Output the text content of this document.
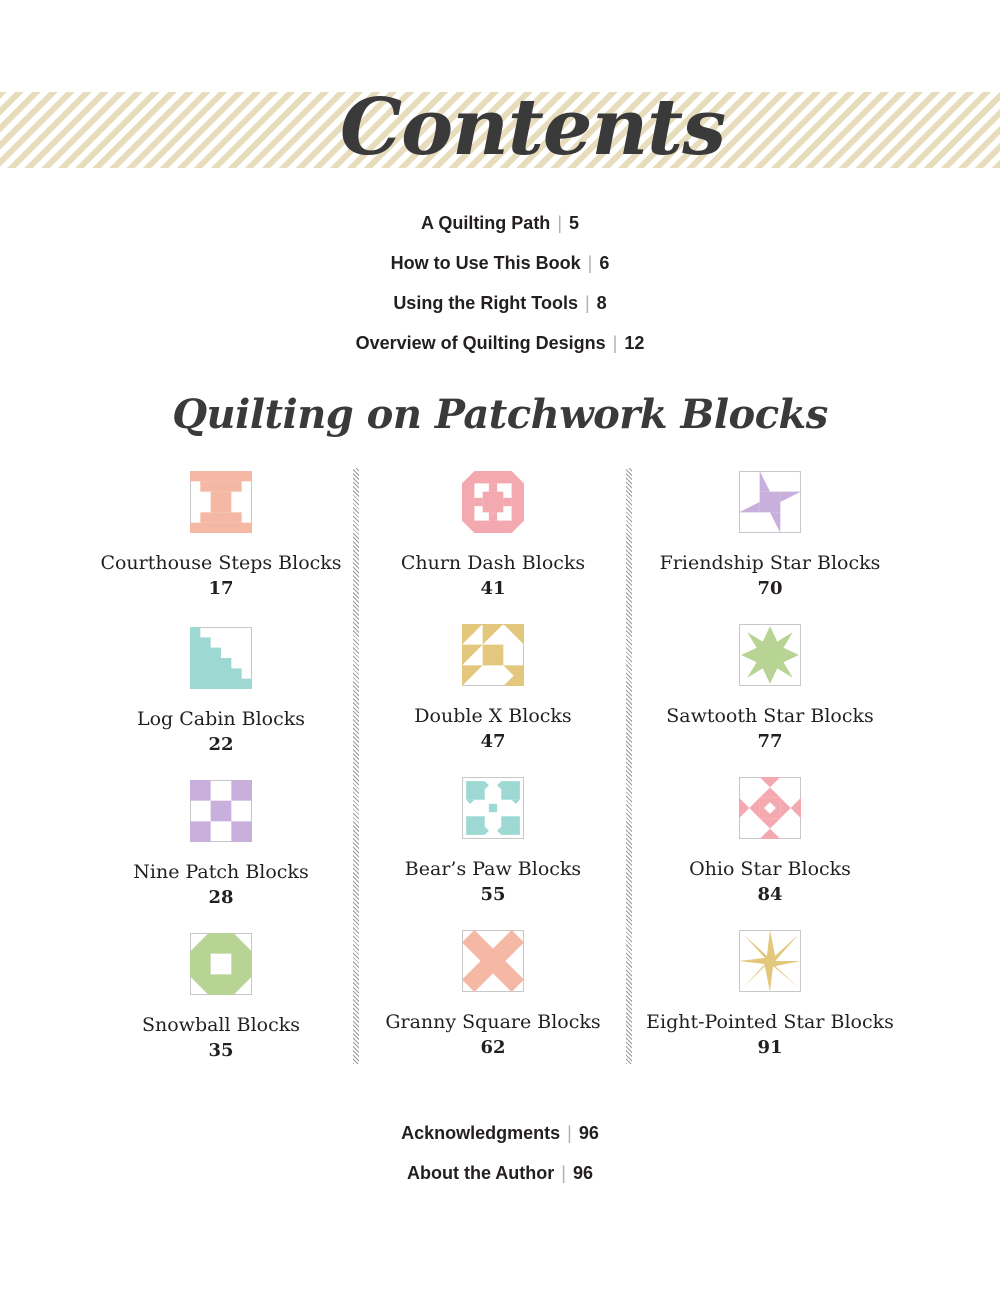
Contents
A Quilting Path | 5
How to Use This Book | 6
Using the Right Tools | 8
Overview of Quilting Designs | 12
Quilting on Patchwork Blocks
Courthouse Steps Blocks
17
Log Cabin Blocks
22
Nine Patch Blocks
28
Snowball Blocks
35
Churn Dash Blocks
41
Double X Blocks
47
Bear’s Paw Blocks
55
Granny Square Blocks
62
Friendship Star Blocks
70
Sawtooth Star Blocks
77
Ohio Star Blocks
84
Eight-Pointed Star Blocks
91
Acknowledgments | 96
About the Author | 96
